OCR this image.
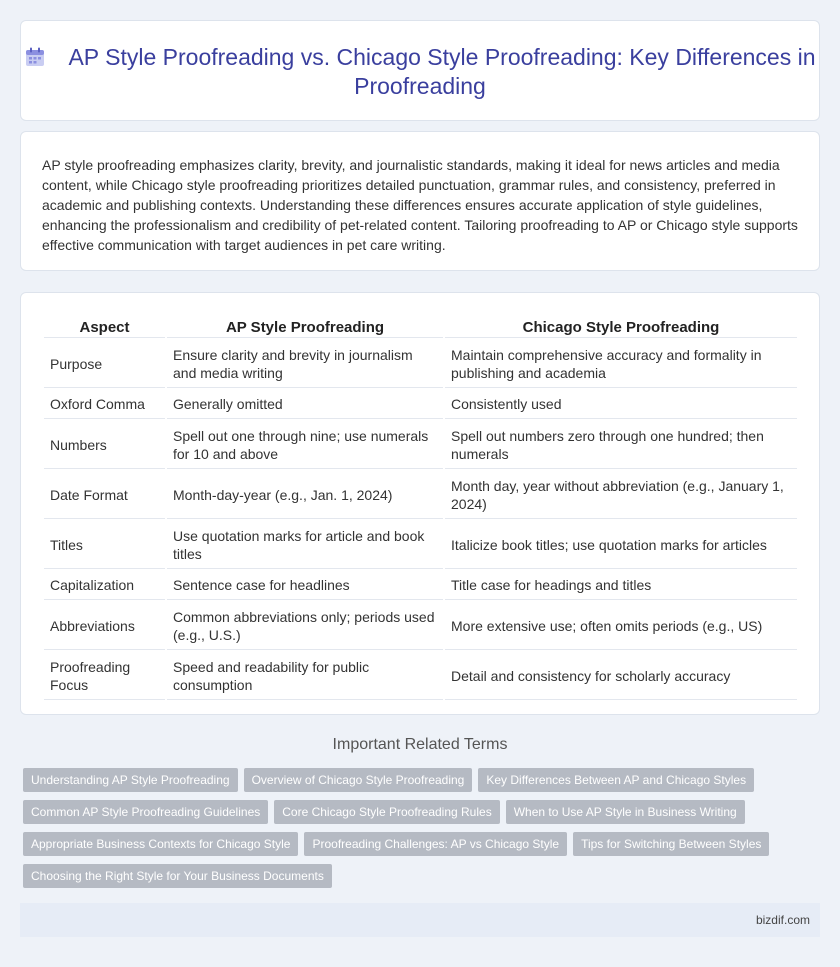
AP Style Proofreading vs. Chicago Style Proofreading: Key Differences in Proofreading

AP style proofreading emphasizes clarity, brevity, and journalistic standards, making it ideal for news articles and media content, while Chicago style proofreading prioritizes detailed punctuation, grammar rules, and consistency, preferred in academic and publishing contexts. Understanding these differences ensures accurate application of style guidelines, enhancing the professionalism and credibility of pet-related content. Tailoring proofreading to AP or Chicago style supports effective communication with target audiences in pet care writing.

Aspect	AP Style Proofreading	Chicago Style Proofreading
Purpose	Ensure clarity and brevity in journalism and media writing	Maintain comprehensive accuracy and formality in publishing and academia
Oxford Comma	Generally omitted	Consistently used
Numbers	Spell out one through nine; use numerals for 10 and above	Spell out numbers zero through one hundred; then numerals
Date Format	Month-day-year (e.g., Jan. 1, 2024)	Month day, year without abbreviation (e.g., January 1, 2024)
Titles	Use quotation marks for article and book titles	Italicize book titles; use quotation marks for articles
Capitalization	Sentence case for headlines	Title case for headings and titles
Abbreviations	Common abbreviations only; periods used (e.g., U.S.)	More extensive use; often omits periods (e.g., US)
Proofreading Focus	Speed and readability for public consumption	Detail and consistency for scholarly accuracy
Important Related Terms
Understanding AP Style Proofreading Overview of Chicago Style Proofreading Key Differences Between AP and Chicago Styles
Common AP Style Proofreading Guidelines Core Chicago Style Proofreading Rules When to Use AP Style in Business Writing
Appropriate Business Contexts for Chicago Style Proofreading Challenges: AP vs Chicago Style Tips for Switching Between Styles
Choosing the Right Style for Your Business Documents
bizdif.com
